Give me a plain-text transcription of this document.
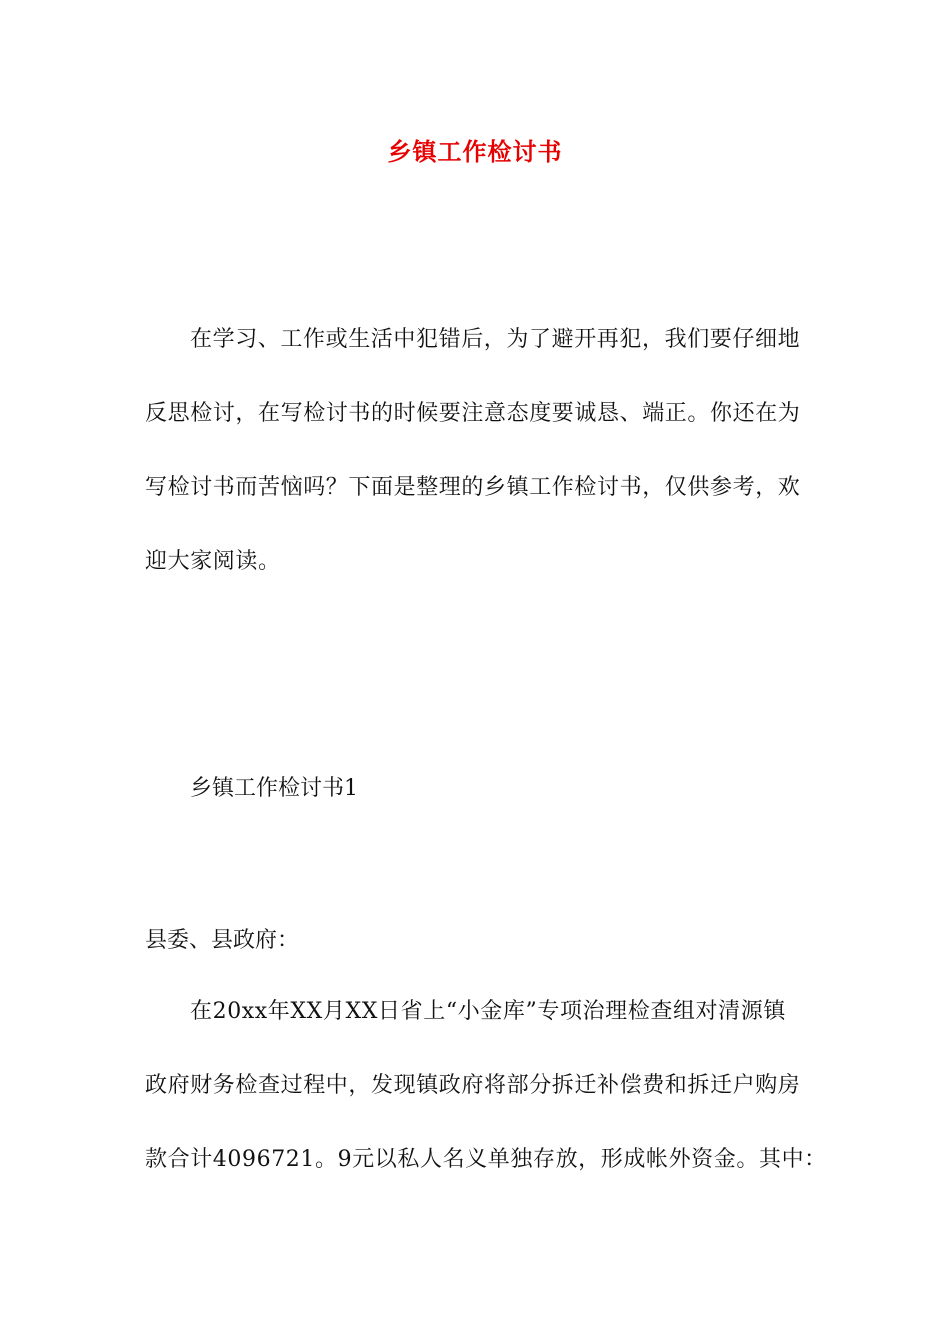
乡镇工作检讨书
在学习、工作或生活中犯错后，为了避开再犯，我们要仔细地
反思检讨，在写检讨书的时候要注意态度要诚恳、端正。你还在为
写检讨书而苦恼吗？下面是整理的乡镇工作检讨书，仅供参考，欢
迎大家阅读。
乡镇工作检讨书1
县委、县政府：
在20xx年XX月XX日省上“小金库”专项治理检查组对清源镇
政府财务检查过程中，发现镇政府将部分拆迁补偿费和拆迁户购房
款合计4096721。9元以私人名义单独存放，形成帐外资金。其中：
